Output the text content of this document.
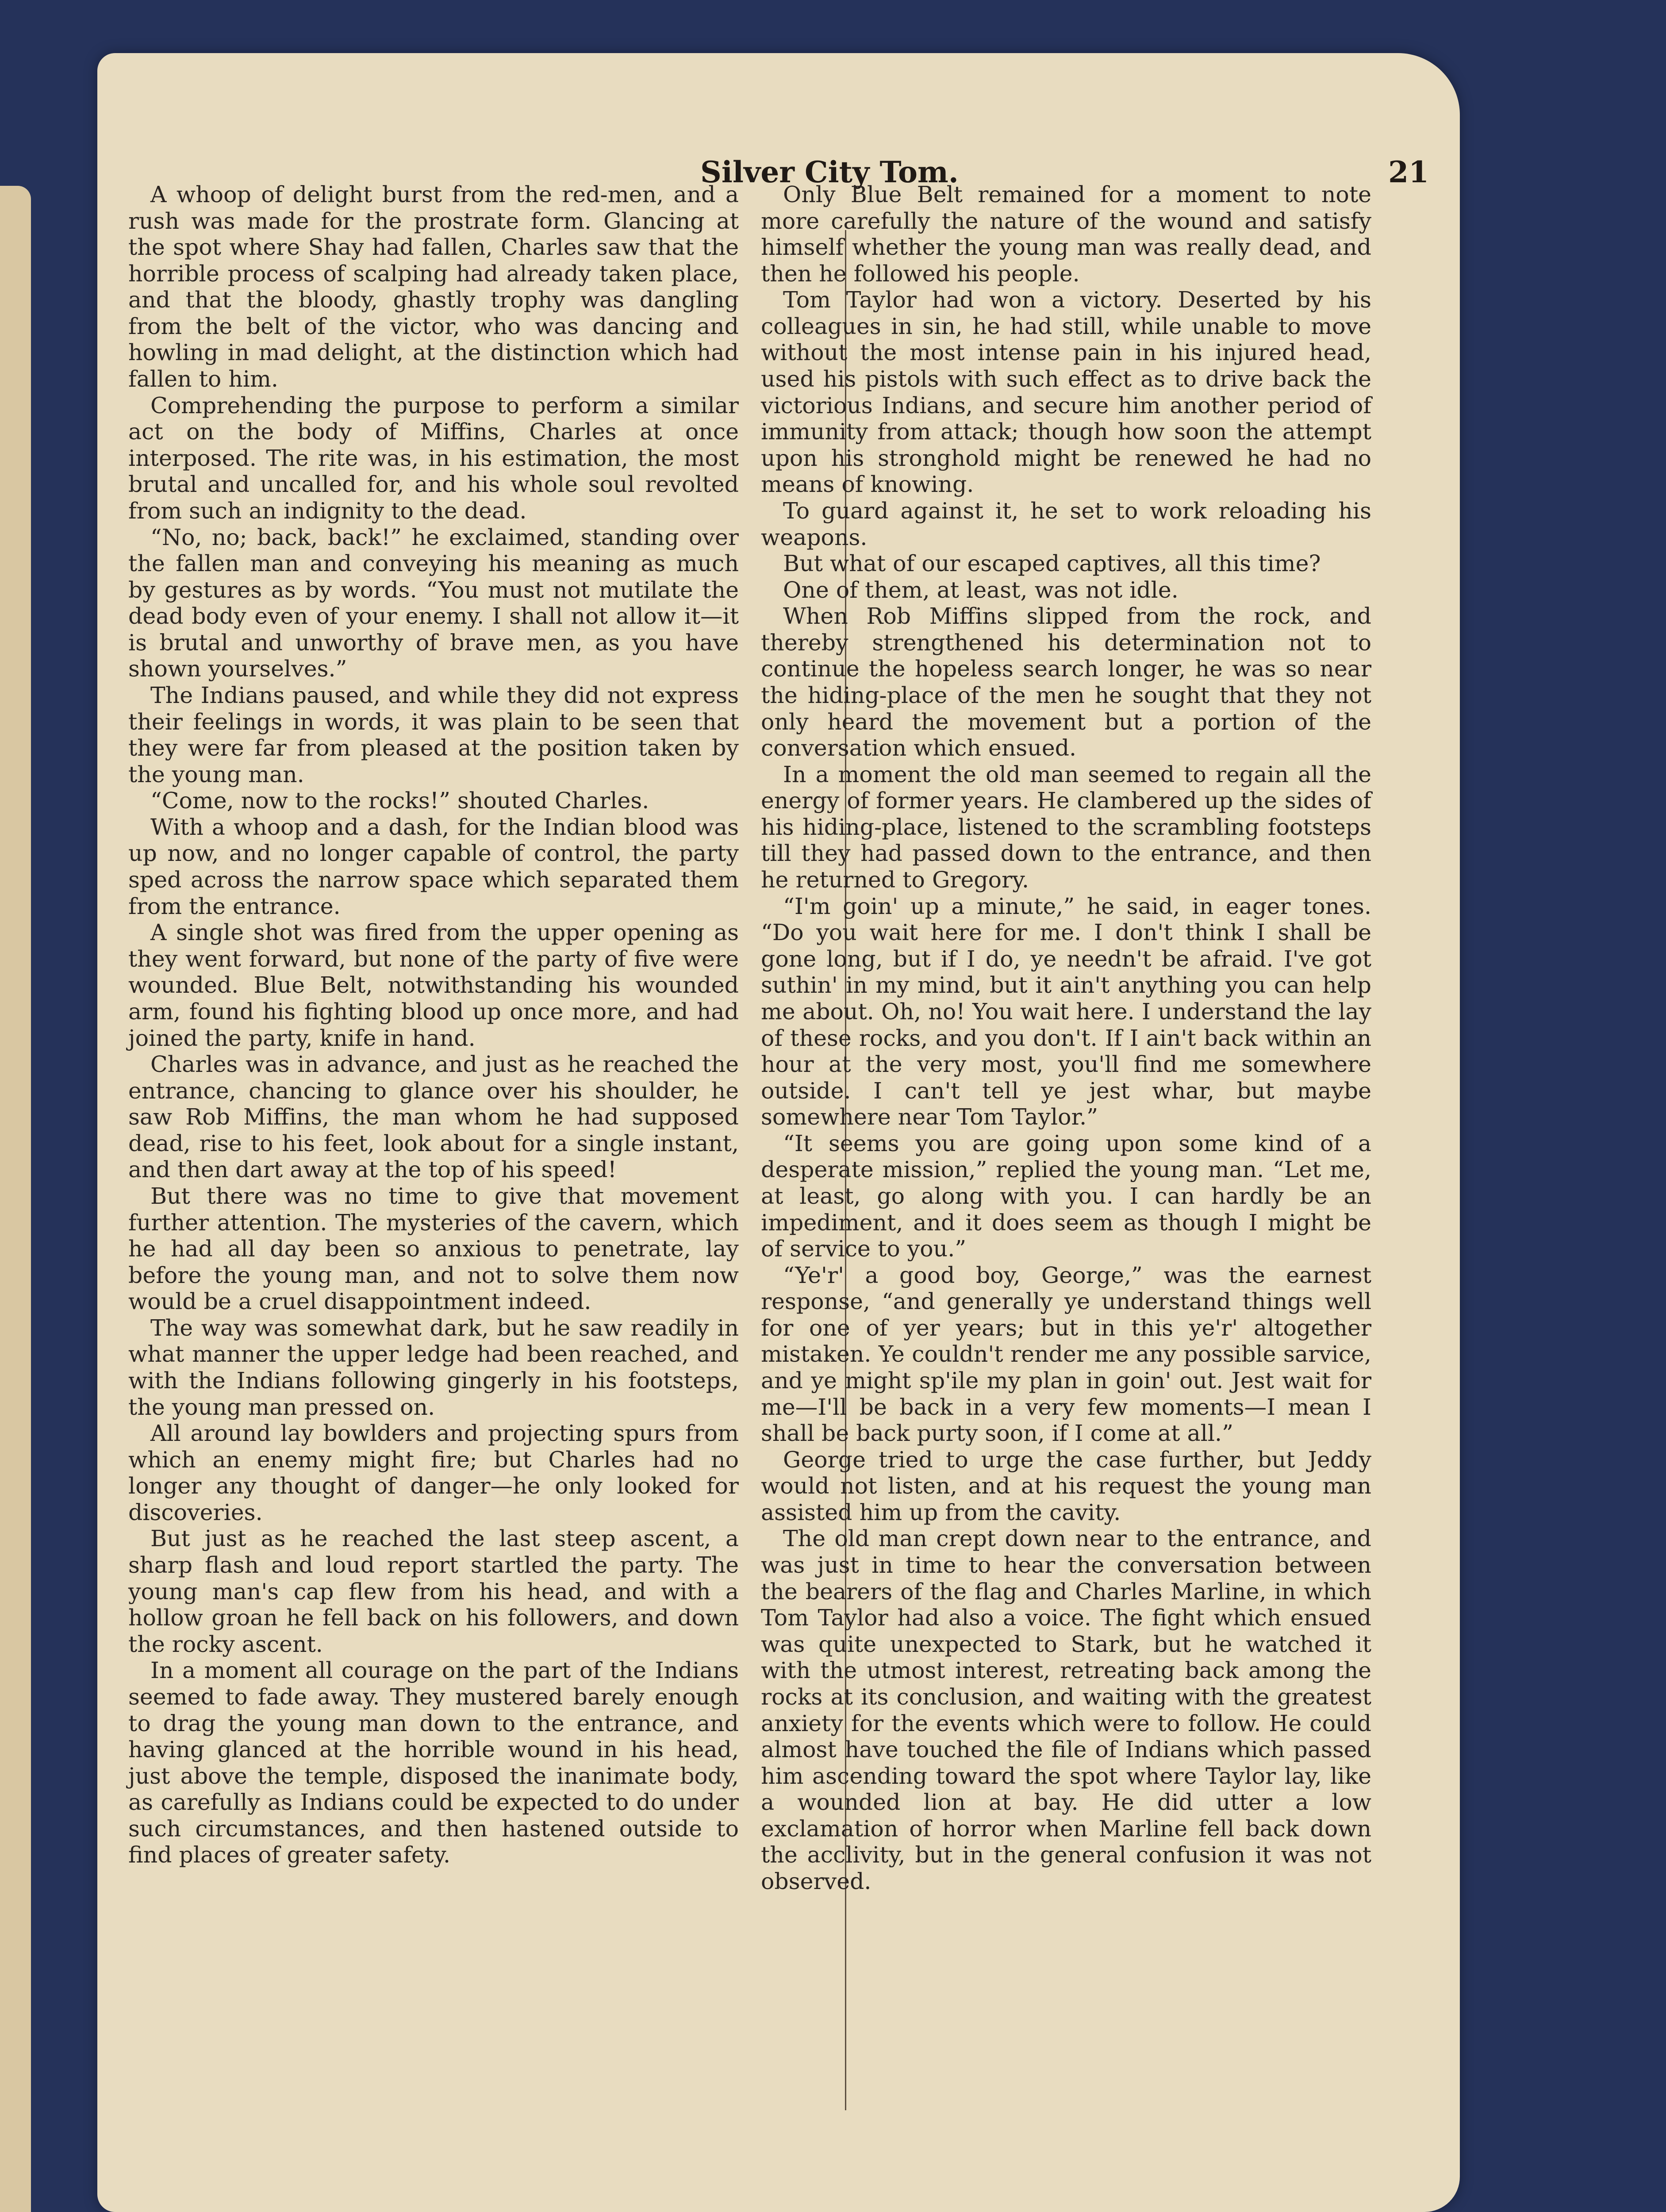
Silver City Tom.	21

A whoop of delight burst from the red-men, and a rush was made for the prostrate form. Glancing at the spot where Shay had fallen, Charles saw that the horrible process of scalping had already taken place, and that the bloody, ghastly trophy was dangling from the belt of the victor, who was dancing and howling in mad delight, at the distinction which had fallen to him.

Comprehending the purpose to perform a similar act on the body of Miffins, Charles at once interposed. The rite was, in his estimation, the most brutal and uncalled for, and his whole soul revolted from such an indignity to the dead.

“No, no; back, back!” he exclaimed, standing over the fallen man and conveying his meaning as much by gestures as by words. “You must not mutilate the dead body even of your enemy. I shall not allow it—it is brutal and unworthy of brave men, as you have shown yourselves.”

The Indians paused, and while they did not express their feelings in words, it was plain to be seen that they were far from pleased at the position taken by the young man.

“Come, now to the rocks!” shouted Charles.

With a whoop and a dash, for the Indian blood was up now, and no longer capable of control, the party sped across the narrow space which separated them from the entrance.

A single shot was fired from the upper opening as they went forward, but none of the party of five were wounded. Blue Belt, notwithstanding his wounded arm, found his fighting blood up once more, and had joined the party, knife in hand.

Charles was in advance, and just as he reached the entrance, chancing to glance over his shoulder, he saw Rob Miffins, the man whom he had supposed dead, rise to his feet, look about for a single instant, and then dart away at the top of his speed!

But there was no time to give that movement further attention. The mysteries of the cavern, which he had all day been so anxious to penetrate, lay before the young man, and not to solve them now would be a cruel disappointment indeed.

The way was somewhat dark, but he saw readily in what manner the upper ledge had been reached, and with the Indians following gingerly in his footsteps, the young man pressed on.

All around lay bowlders and projecting spurs from which an enemy might fire; but Charles had no longer any thought of danger—he only looked for discoveries.

But just as he reached the last steep ascent, a sharp flash and loud report startled the party. The young man's cap flew from his head, and with a hollow groan he fell back on his followers, and down the rocky ascent.

In a moment all courage on the part of the Indians seemed to fade away. They mustered barely enough to drag the young man down to the entrance, and having glanced at the horrible wound in his head, just above the temple, disposed the inanimate body, as carefully as Indians could be expected to do under such circumstances, and then hastened outside to find places of greater safety.

Only Blue Belt remained for a moment to note more carefully the nature of the wound and satisfy himself whether the young man was really dead, and then he followed his people.

Tom Taylor had won a victory. Deserted by his colleagues in sin, he had still, while unable to move without the most intense pain in his injured head, used his pistols with such effect as to drive back the victorious Indians, and secure him another period of immunity from attack; though how soon the attempt upon his stronghold might be renewed he had no means of knowing.

To guard against it, he set to work reloading his weapons.

But what of our escaped captives, all this time?

One of them, at least, was not idle.

When Rob Miffins slipped from the rock, and thereby strengthened his determination not to continue the hopeless search longer, he was so near the hiding-place of the men he sought that they not only heard the movement but a portion of the conversation which ensued.

In a moment the old man seemed to regain all the energy of former years. He clambered up the sides of his hiding-place, listened to the scrambling footsteps till they had passed down to the entrance, and then he returned to Gregory.

“I'm goin' up a minute,” he said, in eager tones. “Do you wait here for me. I don't think I shall be gone long, but if I do, ye needn't be afraid. I've got suthin' in my mind, but it ain't anything you can help me about. Oh, no! You wait here. I understand the lay of these rocks, and you don't. If I ain't back within an hour at the very most, you'll find me somewhere outside. I can't tell ye jest whar, but maybe somewhere near Tom Taylor.”

“It seems you are going upon some kind of a desperate mission,” replied the young man. “Let me, at least, go along with you. I can hardly be an impediment, and it does seem as though I might be of service to you.”

“Ye'r' a good boy, George,” was the earnest response, “and generally ye understand things well for one of yer years; but in this ye'r' altogether mistaken. Ye couldn't render me any possible sarvice, and ye might sp'ile my plan in goin' out. Jest wait for me—I'll be back in a very few moments—I mean I shall be back purty soon, if I come at all.”

George tried to urge the case further, but Jeddy would not listen, and at his request the young man assisted him up from the cavity.

The old man crept down near to the entrance, and was just in time to hear the conversation between the bearers of the flag and Charles Marline, in which Tom Taylor had also a voice. The fight which ensued was quite unexpected to Stark, but he watched it with the utmost interest, retreating back among the rocks at its conclusion, and waiting with the greatest anxiety for the events which were to follow. He could almost have touched the file of Indians which passed him ascending toward the spot where Taylor lay, like a wounded lion at bay. He did utter a low exclamation of horror when Marline fell back down the acclivity, but in the general confusion it was not observed.
